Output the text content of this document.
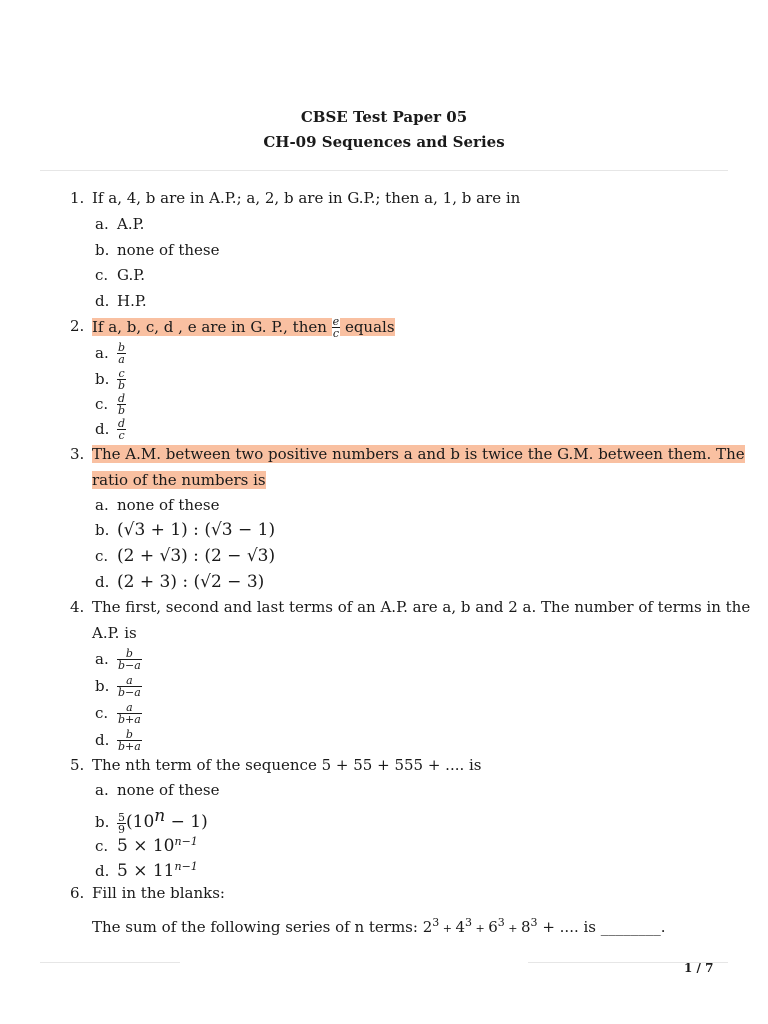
CBSE Test Paper 05
CH-09 Sequences and Series
1. If a, 4, b are in A.P.; a, 2, b are in G.P.; then a, 1, b are in
a. A.P.
b. none of these
c. G.P.
d. H.P.
2. If a, b, c, d , e are in G. P., then $\frac{e}{c}$ equals
a. $\frac{b}{a}$
b. $\frac{c}{b}$
c. $\frac{d}{b}$
d. $\frac{d}{c}$
3. The A.M. between two positive numbers a and b is twice the G.M. between them. The
ratio of the numbers is
a. none of these
b. (√3 + 1) : (√3 − 1)
c. (2 + √3) : (2 − √3)
d. (2 + 3) : (√2 − 3)
4. The first, second and last terms of an A.P. are a, b and 2 a. The number of terms in the
A.P. is
a. $\frac{b}{b-a}$
b. $\frac{a}{b-a}$
c. $\frac{a}{b+a}$
d. $\frac{b}{b+a}$
5. The nth term of the sequence 5 + 55 + 555 + .... is
a. none of these
b. $\frac{5}{9} (10^n - 1)$
c. $5 \times 10^{n-1}$
d. $5 \times 11^{n-1}$
6. Fill in the blanks:
The sum of the following series of n terms: $2^3 + 4^3 + 6^3 + 8^3$ + .... is ________.
1 / 7
